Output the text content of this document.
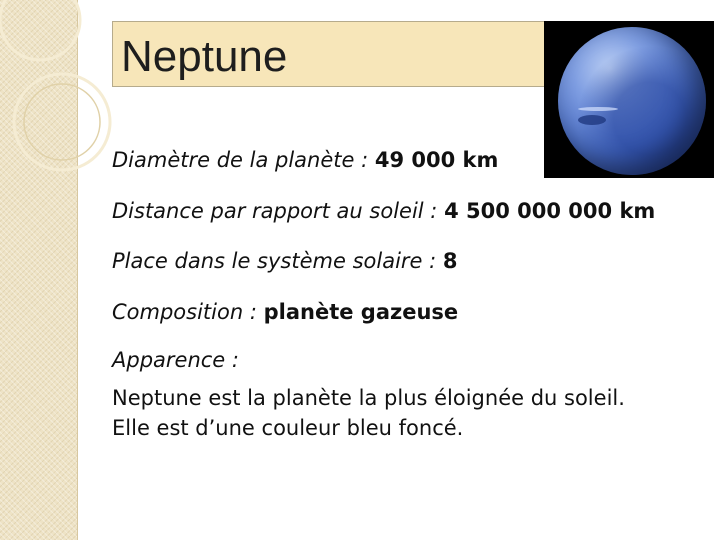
Neptune
Diamètre de la planète : 49 000 km
Distance par rapport au soleil : 4 500 000 000 km
Place dans le système solaire : 8
Composition : planète gazeuse
Apparence :
Neptune est la planète la plus éloignée du soleil.
Elle est d’une couleur bleu foncé.
